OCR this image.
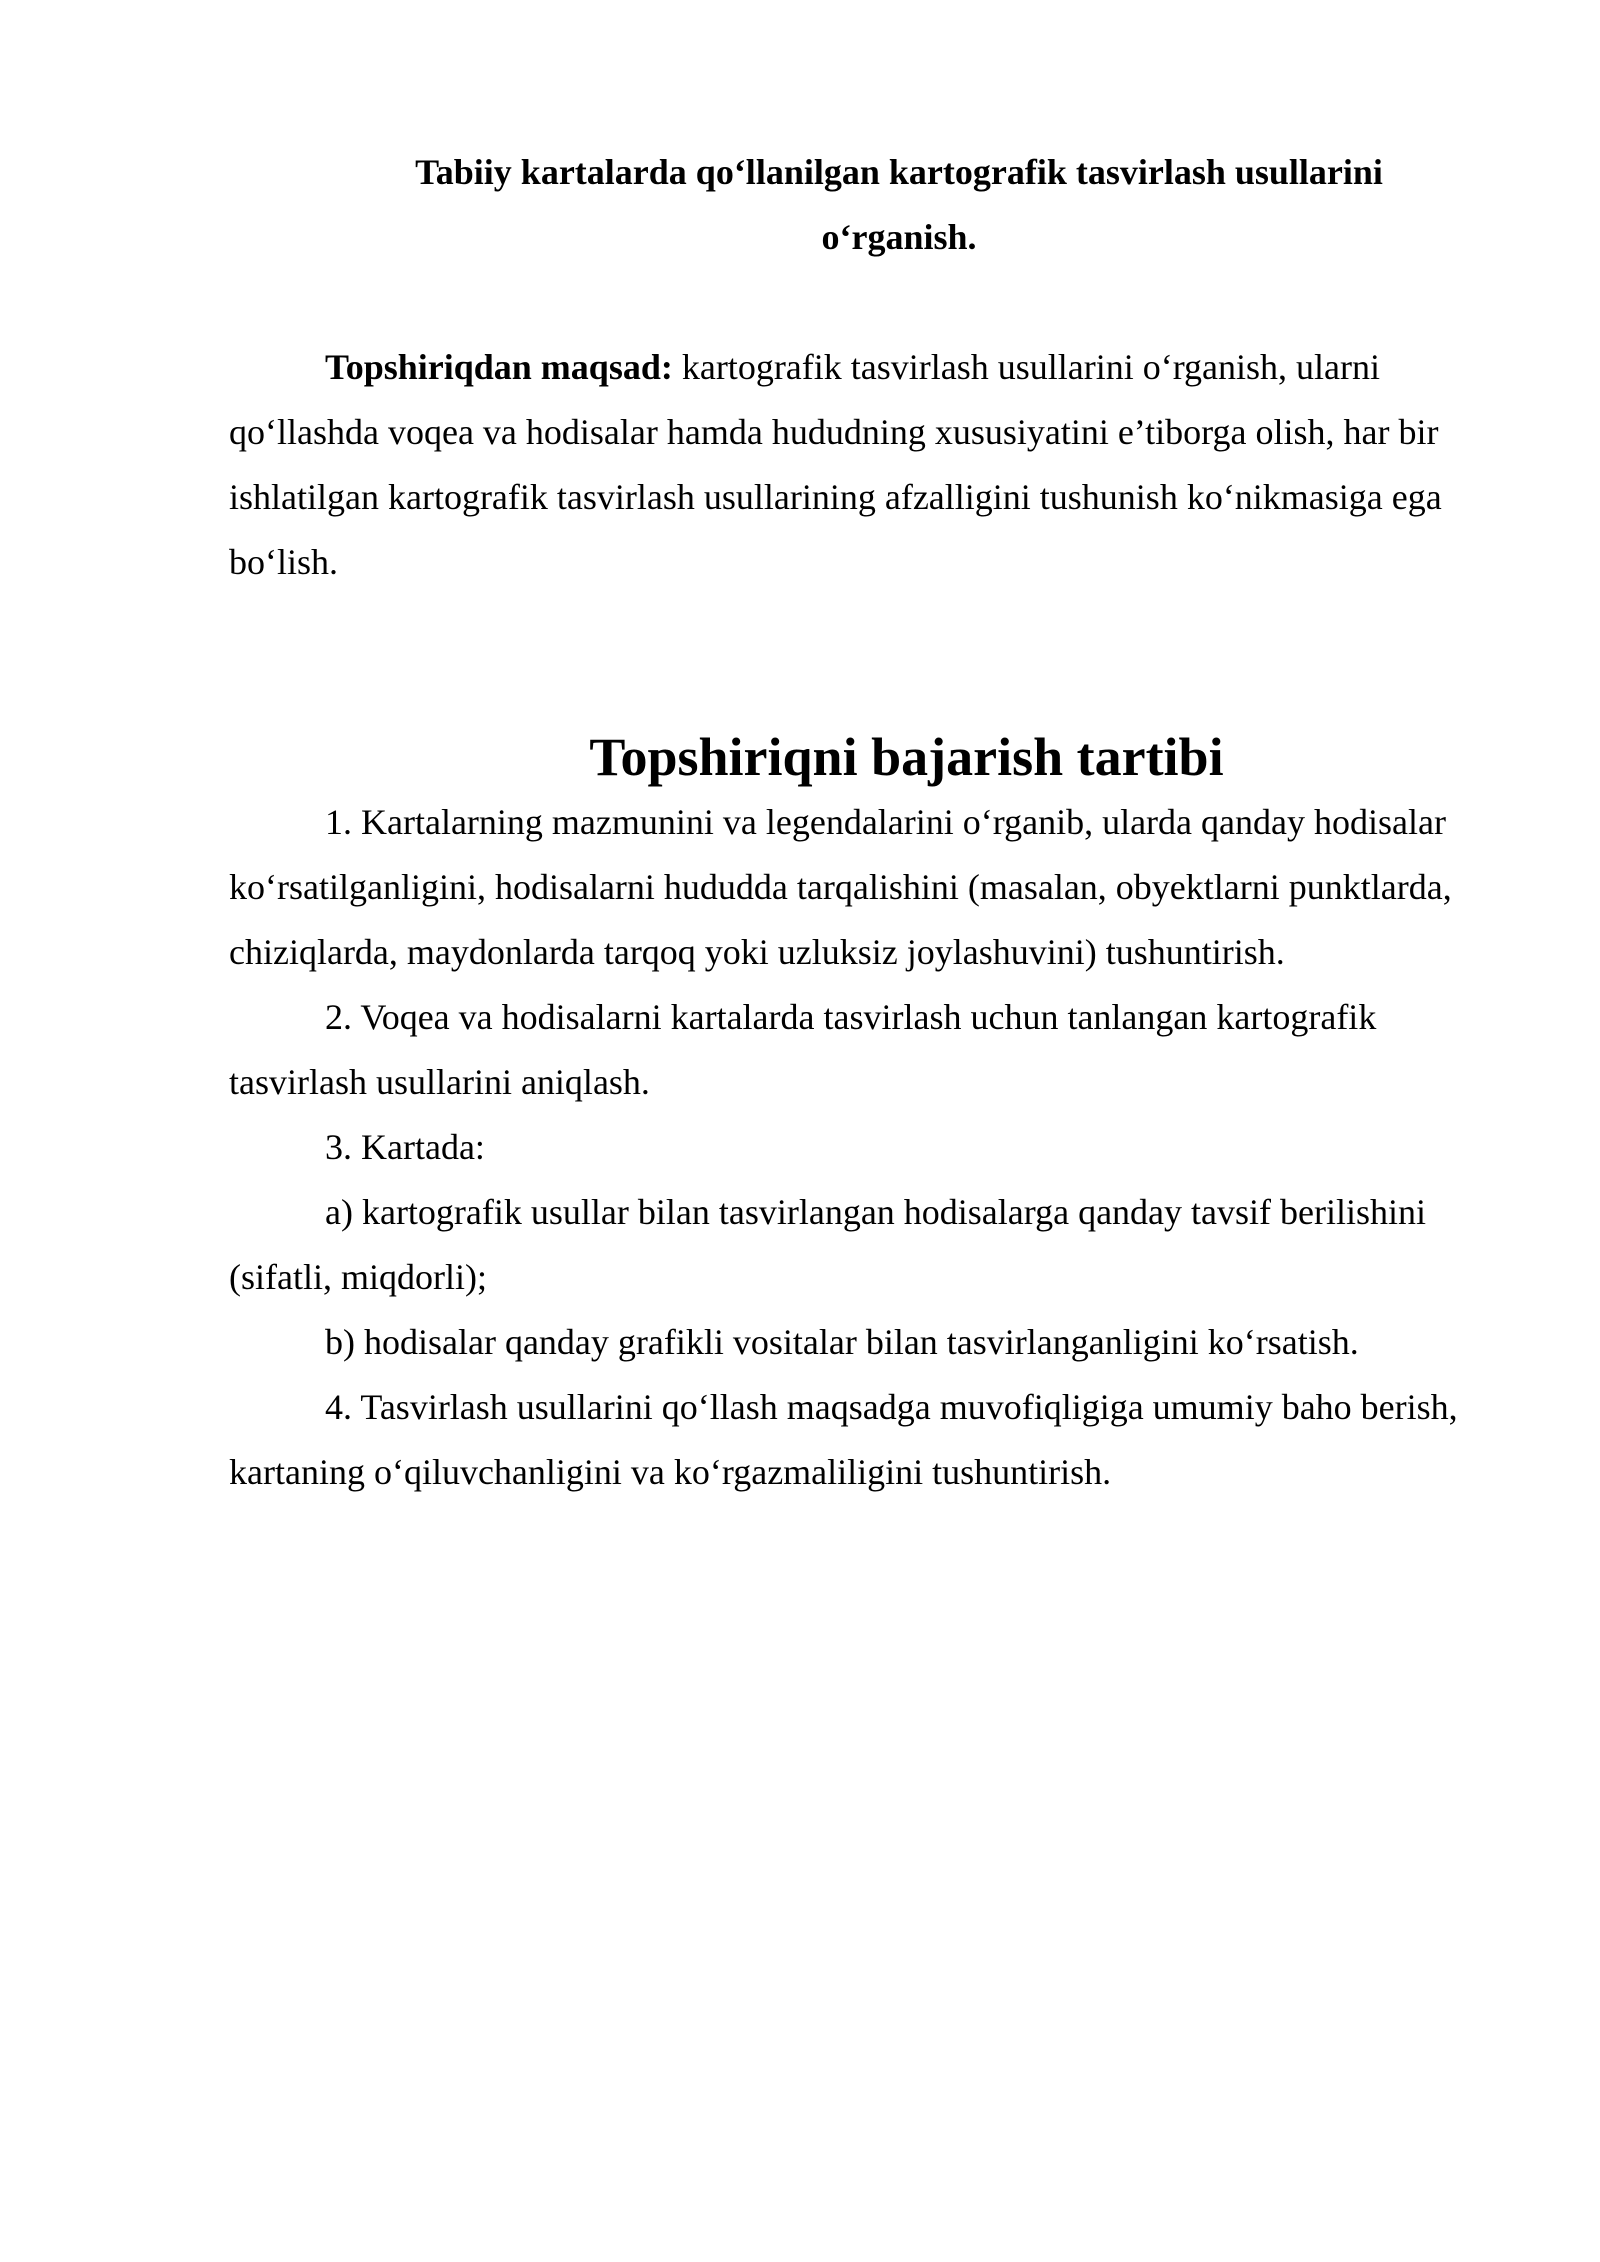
Tabiiy kartalarda qo‘llanilgan kartografik tasvirlash usullarini
o‘rganish.

Topshiriqdan maqsad: kartografik tasvirlash usullarini o‘rganish, ularni qo‘llashda voqea va hodisalar hamda hududning xususiyatini e’tiborga olish, har bir ishlatilgan kartografik tasvirlash usullarining afzalligini tushunish ko‘nikmasiga ega bo‘lish.

Topshiriqni bajarish tartibi

1. Kartalarning mazmunini va legendalarini o‘rganib, ularda qanday hodisalar ko‘rsatilganligini, hodisalarni hududda tarqalishini (masalan, obyektlarni punktlarda, chiziqlarda, maydonlarda tarqoq yoki uzluksiz joylashuvini) tushuntirish.

2. Voqea va hodisalarni kartalarda tasvirlash uchun tanlangan kartografik tasvirlash usullarini aniqlash.

3. Kartada:

a) kartografik usullar bilan tasvirlangan hodisalarga qanday tavsif berilishini (sifatli, miqdorli);

b) hodisalar qanday grafikli vositalar bilan tasvirlanganligini ko‘rsatish.

4. Tasvirlash usullarini qo‘llash maqsadga muvofiqligiga umumiy baho berish, kartaning o‘qiluvchanligini va ko‘rgazmaliligini tushuntirish.
